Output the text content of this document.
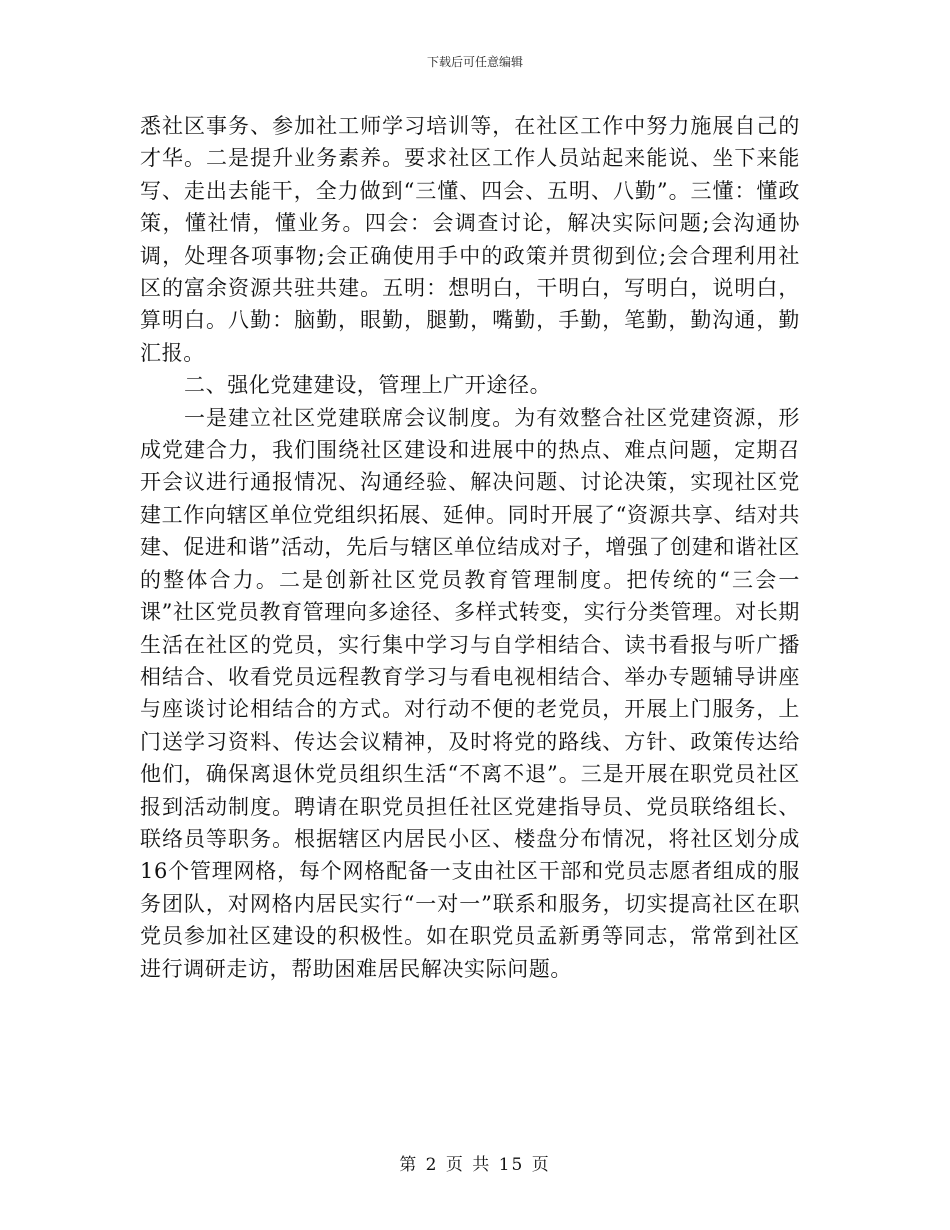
下载后可任意编辑

悉社区事务、参加社工师学习培训等，在社区工作中努力施展自己的才华。二是提升业务素养。要求社区工作人员站起来能说、坐下来能写、走出去能干，全力做到“三懂、四会、五明、八勤”。三懂：懂政策，懂社情，懂业务。四会：会调查讨论，解决实际问题;会沟通协调，处理各项事物;会正确使用手中的政策并贯彻到位;会合理利用社区的富余资源共驻共建。五明：想明白，干明白，写明白，说明白，算明白。八勤：脑勤，眼勤，腿勤，嘴勤，手勤，笔勤，勤沟通，勤汇报。

二、强化党建建设，管理上广开途径。

一是建立社区党建联席会议制度。为有效整合社区党建资源，形成党建合力，我们围绕社区建设和进展中的热点、难点问题，定期召开会议进行通报情况、沟通经验、解决问题、讨论决策，实现社区党建工作向辖区单位党组织拓展、延伸。同时开展了“资源共享、结对共建、促进和谐”活动，先后与辖区单位结成对子，增强了创建和谐社区的整体合力。二是创新社区党员教育管理制度。把传统的“三会一课”社区党员教育管理向多途径、多样式转变，实行分类管理。对长期生活在社区的党员，实行集中学习与自学相结合、读书看报与听广播相结合、收看党员远程教育学习与看电视相结合、举办专题辅导讲座与座谈讨论相结合的方式。对行动不便的老党员，开展上门服务，上门送学习资料、传达会议精神，及时将党的路线、方针、政策传达给他们，确保离退休党员组织生活“不离不退”。三是开展在职党员社区报到活动制度。聘请在职党员担任社区党建指导员、党员联络组长、联络员等职务。根据辖区内居民小区、楼盘分布情况，将社区划分成16个管理网格，每个网格配备一支由社区干部和党员志愿者组成的服务团队，对网格内居民实行“一对一”联系和服务，切实提高社区在职党员参加社区建设的积极性。如在职党员孟新勇等同志，常常到社区进行调研走访，帮助困难居民解决实际问题。

第 2 页 共 15 页
